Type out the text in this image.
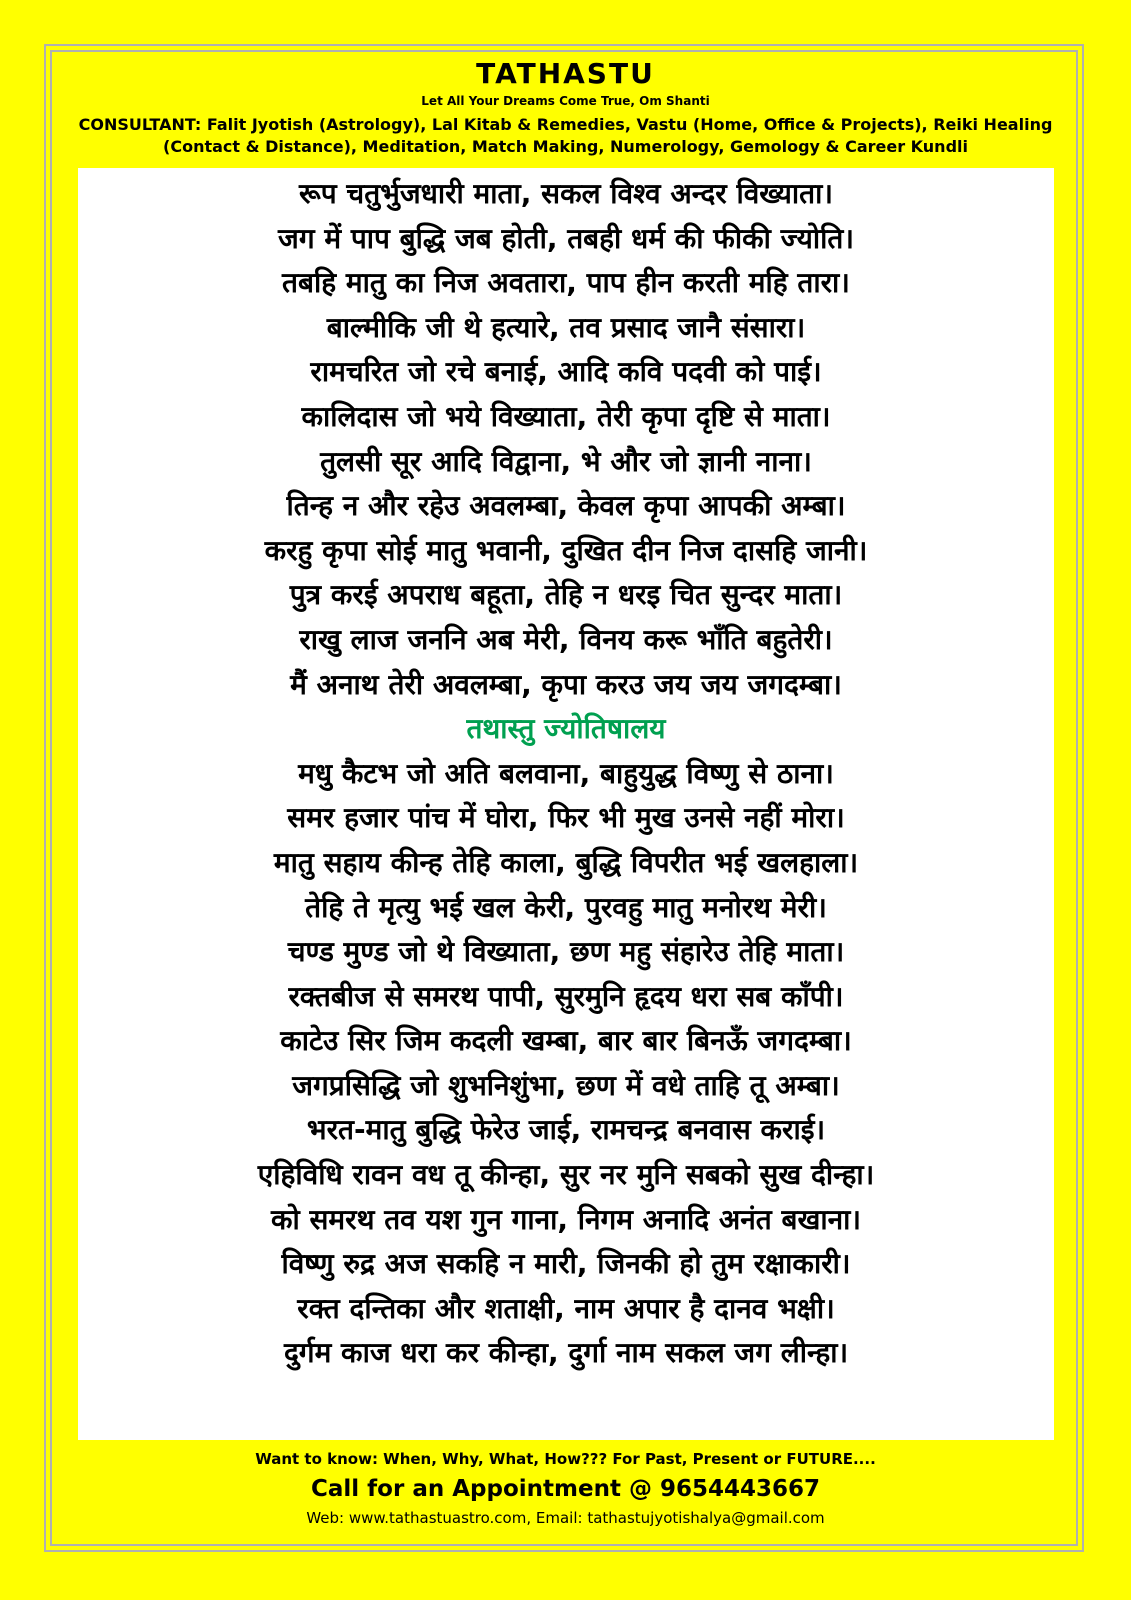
TATHASTU
Let All Your Dreams Come True, Om Shanti
CONSULTANT: Falit Jyotish (Astrology), Lal Kitab & Remedies, Vastu (Home, Office & Projects), Reiki Healing (Contact & Distance), Meditation, Match Making, Numerology, Gemology & Career Kundli
रूप चतुर्भुजधारी माता, सकल विश्व अन्दर विख्याता।
जग में पाप बुद्धि जब होती, तबही धर्म की फीकी ज्योति।
तबहि मातु का निज अवतारा, पाप हीन करती महि तारा।
बाल्मीकि जी थे हत्यारे, तव प्रसाद जानै संसारा।
रामचरित जो रचे बनाई, आदि कवि पदवी को पाई।
कालिदास जो भये विख्याता, तेरी कृपा दृष्टि से माता।
तुलसी सूर आदि विद्वाना, भे और जो ज्ञानी नाना।
तिन्ह न और रहेउ अवलम्बा, केवल कृपा आपकी अम्बा।
करहु कृपा सोई मातु भवानी, दुखित दीन निज दासहि जानी।
पुत्र करई अपराध बहूता, तेहि न धरइ चित सुन्दर माता।
राखु लाज जननि अब मेरी, विनय करू भाँति बहुतेरी।
मैं अनाथ तेरी अवलम्बा, कृपा करउ जय जय जगदम्बा।
तथास्तु ज्योतिषालय
मधु कैटभ जो अति बलवाना, बाहुयुद्ध विष्णु से ठाना।
समर हजार पांच में घोरा, फिर भी मुख उनसे नहीं मोरा।
मातु सहाय कीन्ह तेहि काला, बुद्धि विपरीत भई खलहाला।
तेहि ते मृत्यु भई खल केरी, पुरवहु मातु मनोरथ मेरी।
चण्ड मुण्ड जो थे विख्याता, छण महु संहारेउ तेहि माता।
रक्तबीज से समरथ पापी, सुरमुनि हृदय धरा सब काँपी।
काटेउ सिर जिम कदली खम्बा, बार बार बिनऊँ जगदम्बा।
जगप्रसिद्धि जो शुभनिशुंभा, छण में वधे ताहि तू अम्बा।
भरत-मातु बुद्धि फेरेउ जाई, रामचन्द्र बनवास कराई।
एहिविधि रावन वध तू कीन्हा, सुर नर मुनि सबको सुख दीन्हा।
को समरथ तव यश गुन गाना, निगम अनादि अनंत बखाना।
विष्णु रुद्र अज सकहि न मारी, जिनकी हो तुम रक्षाकारी।
रक्त दन्तिका और शताक्षी, नाम अपार है दानव भक्षी।
दुर्गम काज धरा कर कीन्हा, दुर्गा नाम सकल जग लीन्हा।
Want to know: When, Why, What, How??? For Past, Present or FUTURE....
Call for an Appointment @ 9654443667
Web: www.tathastuastro.com, Email: tathastujyotishalya@gmail.com
